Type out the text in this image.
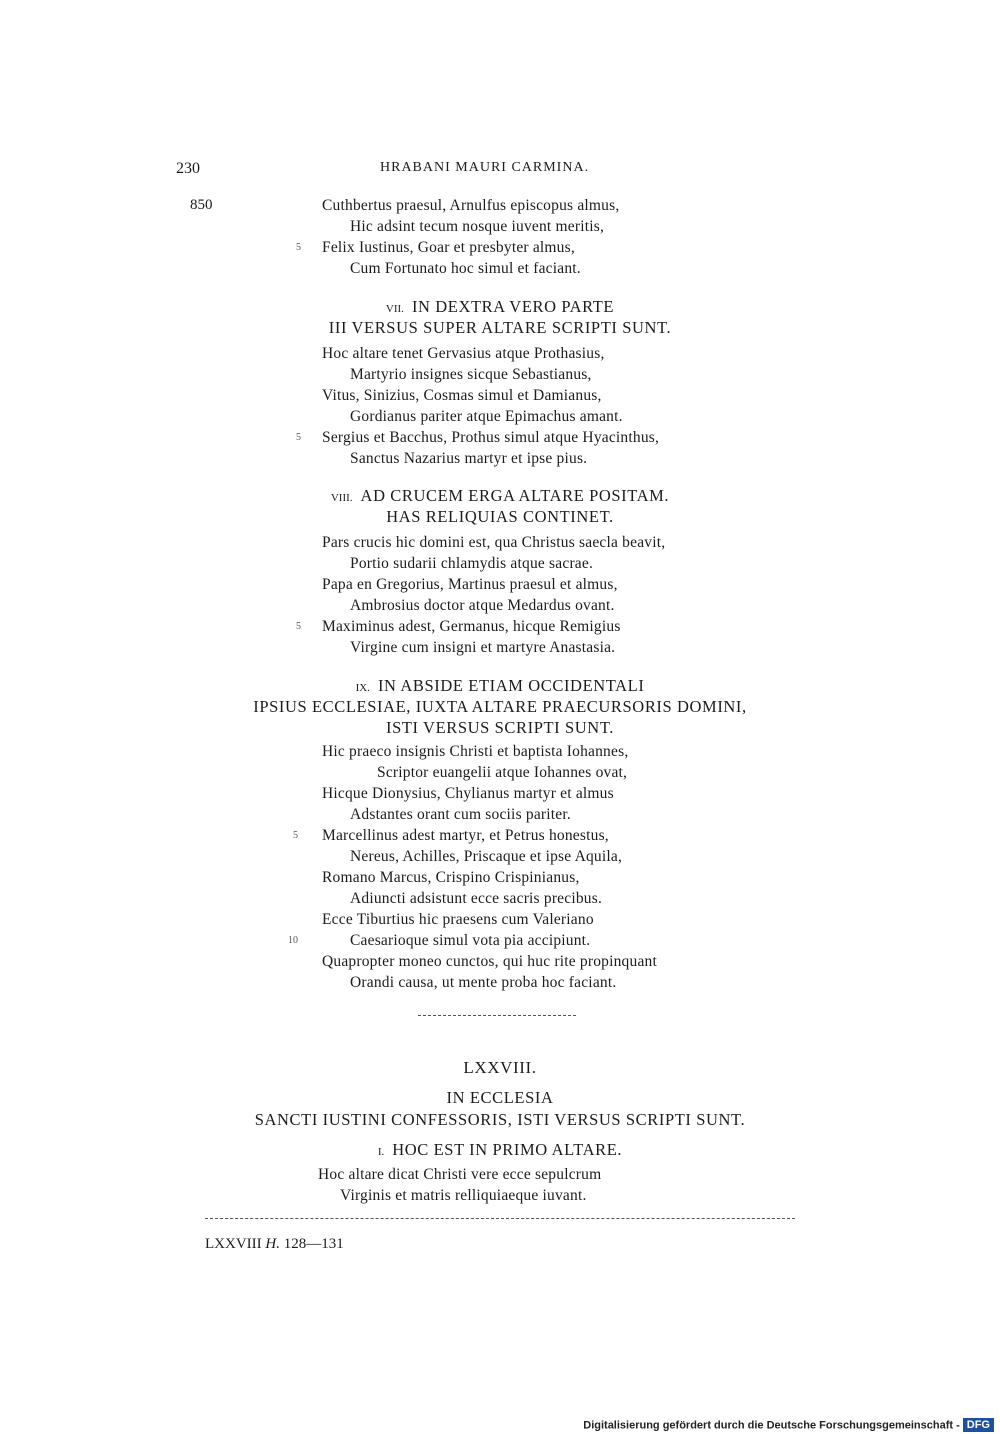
230	HRABANI MAURI CARMINA.
850	Cuthbertus praesul, Arnulfus episcopus almus,
Hic adsint tecum nosque iuvent meritis,
5 Felix Iustinus, Goar et presbyter almus,
Cum Fortunato hoc simul et faciant.
VII. IN DEXTRA VERO PARTE
III VERSUS SUPER ALTARE SCRIPTI SUNT.
Hoc altare tenet Gervasius atque Prothasius,
Martyrio insignes sicque Sebastianus,
Vitus, Sinizius, Cosmas simul et Damianus,
Gordianus pariter atque Epimachus amant.
5 Sergius et Bacchus, Prothus simul atque Hyacinthus,
Sanctus Nazarius martyr et ipse pius.
VIII. AD CRUCEM ERGA ALTARE POSITAM.
HAS RELIQUIAS CONTINET.
Pars crucis hic domini est, qua Christus saecla beavit,
Portio sudarii chlamydis atque sacrae.
Papa en Gregorius, Martinus praesul et almus,
Ambrosius doctor atque Medardus ovant.
5 Maximinus adest, Germanus, hicque Remigius
Virgine cum insigni et martyre Anastasia.
IX. IN ABSIDE ETIAM OCCIDENTALI
IPSIUS ECCLESIAE, IUXTA ALTARE PRAECURSORIS DOMINI,
ISTI VERSUS SCRIPTI SUNT.
Hic praeco insignis Christi et baptista Iohannes,
Scriptor euangelii atque Iohannes ovat,
Hicque Dionysius, Chylianus martyr et almus
Adstantes orant cum sociis pariter.
5 Marcellinus adest martyr, et Petrus honestus,
Nereus, Achilles, Priscaque et ipse Aquila,
Romano Marcus, Crispino Crispinianus,
Adiuncti adsistunt ecce sacris precibus.
Ecce Tiburtius hic praesens cum Valeriano
10	Caesarioque simul vota pia accipiunt.
Quapropter moneo cunctos, qui huc rite propinquant
Orandi causa, ut mente proba hoc faciant.
LXXVIII.
IN ECCLESIA
SANCTI IUSTINI CONFESSORIS, ISTI VERSUS SCRIPTI SUNT.
I. HOC EST IN PRIMO ALTARE.
Hoc altare dicat Christi vere ecce sepulcrum
Virginis et matris relliquiaeque iuvant.
LXXVIII H. 128—131
Digitalisierung gefördert durch die Deutsche Forschungsgemeinschaft - DFG
